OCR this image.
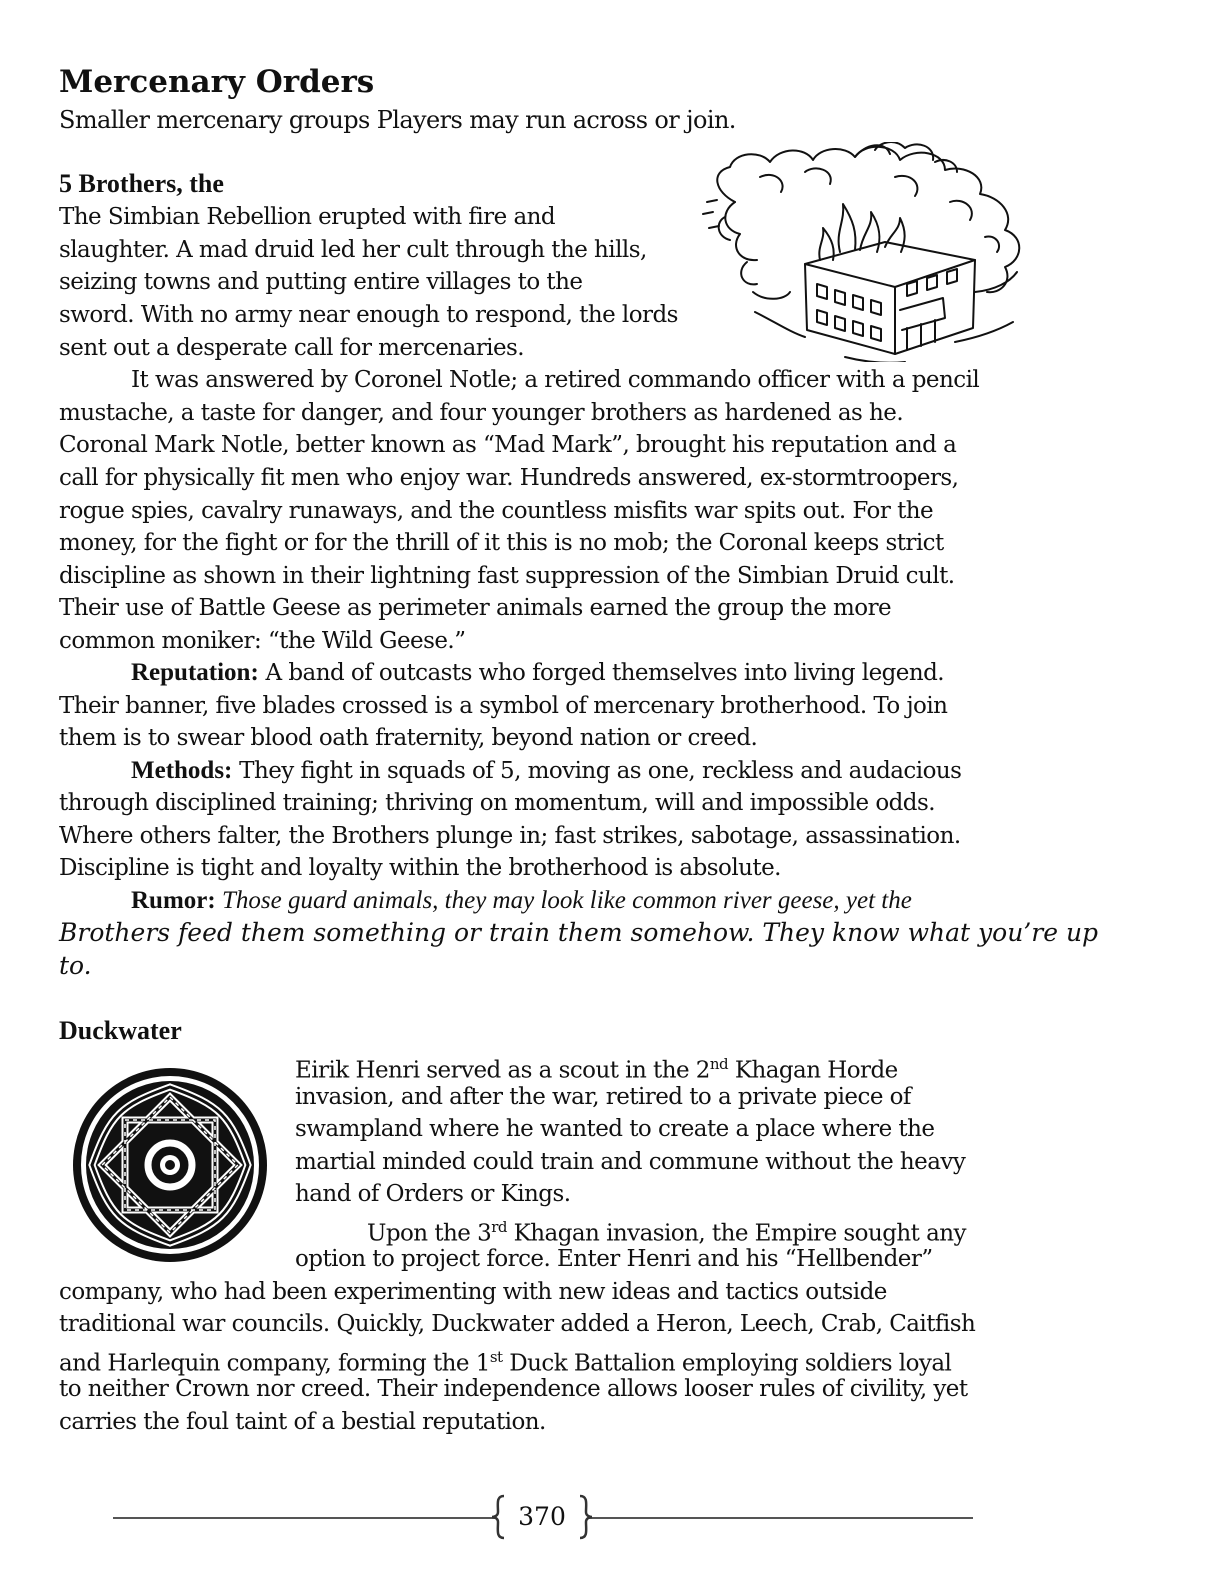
Mercenary Orders
Smaller mercenary groups Players may run across or join.
5 Brothers, the
The Simbian Rebellion erupted with fire and
slaughter. A mad druid led her cult through the hills,
seizing towns and putting entire villages to the
sword. With no army near enough to respond, the lords
sent out a desperate call for mercenaries.
It was answered by Coronel Notle; a retired commando officer with a pencil
mustache, a taste for danger, and four younger brothers as hardened as he.
Coronal Mark Notle, better known as “Mad Mark”, brought his reputation and a
call for physically fit men who enjoy war. Hundreds answered, ex-stormtroopers,
rogue spies, cavalry runaways, and the countless misfits war spits out. For the
money, for the fight or for the thrill of it this is no mob; the Coronal keeps strict
discipline as shown in their lightning fast suppression of the Simbian Druid cult.
Their use of Battle Geese as perimeter animals earned the group the more
common moniker: “the Wild Geese.”
Reputation: A band of outcasts who forged themselves into living legend.
Their banner, five blades crossed is a symbol of mercenary brotherhood. To join
them is to swear blood oath fraternity, beyond nation or creed.
Methods: They fight in squads of 5, moving as one, reckless and audacious
through disciplined training; thriving on momentum, will and impossible odds.
Where others falter, the Brothers plunge in; fast strikes, sabotage, assassination.
Discipline is tight and loyalty within the brotherhood is absolute.
Rumor: Those guard animals, they may look like common river geese, yet the
Brothers feed them something or train them somehow. They know what you’re up
to.
Duckwater
Eirik Henri served as a scout in the 2nd Khagan Horde
invasion, and after the war, retired to a private piece of
swampland where he wanted to create a place where the
martial minded could train and commune without the heavy
hand of Orders or Kings.
Upon the 3rd Khagan invasion, the Empire sought any
option to project force. Enter Henri and his “Hellbender”
company, who had been experimenting with new ideas and tactics outside
traditional war councils. Quickly, Duckwater added a Heron, Leech, Crab, Caitfish
and Harlequin company, forming the 1st Duck Battalion employing soldiers loyal
to neither Crown nor creed. Their independence allows looser rules of civility, yet
carries the foul taint of a bestial reputation.
370
